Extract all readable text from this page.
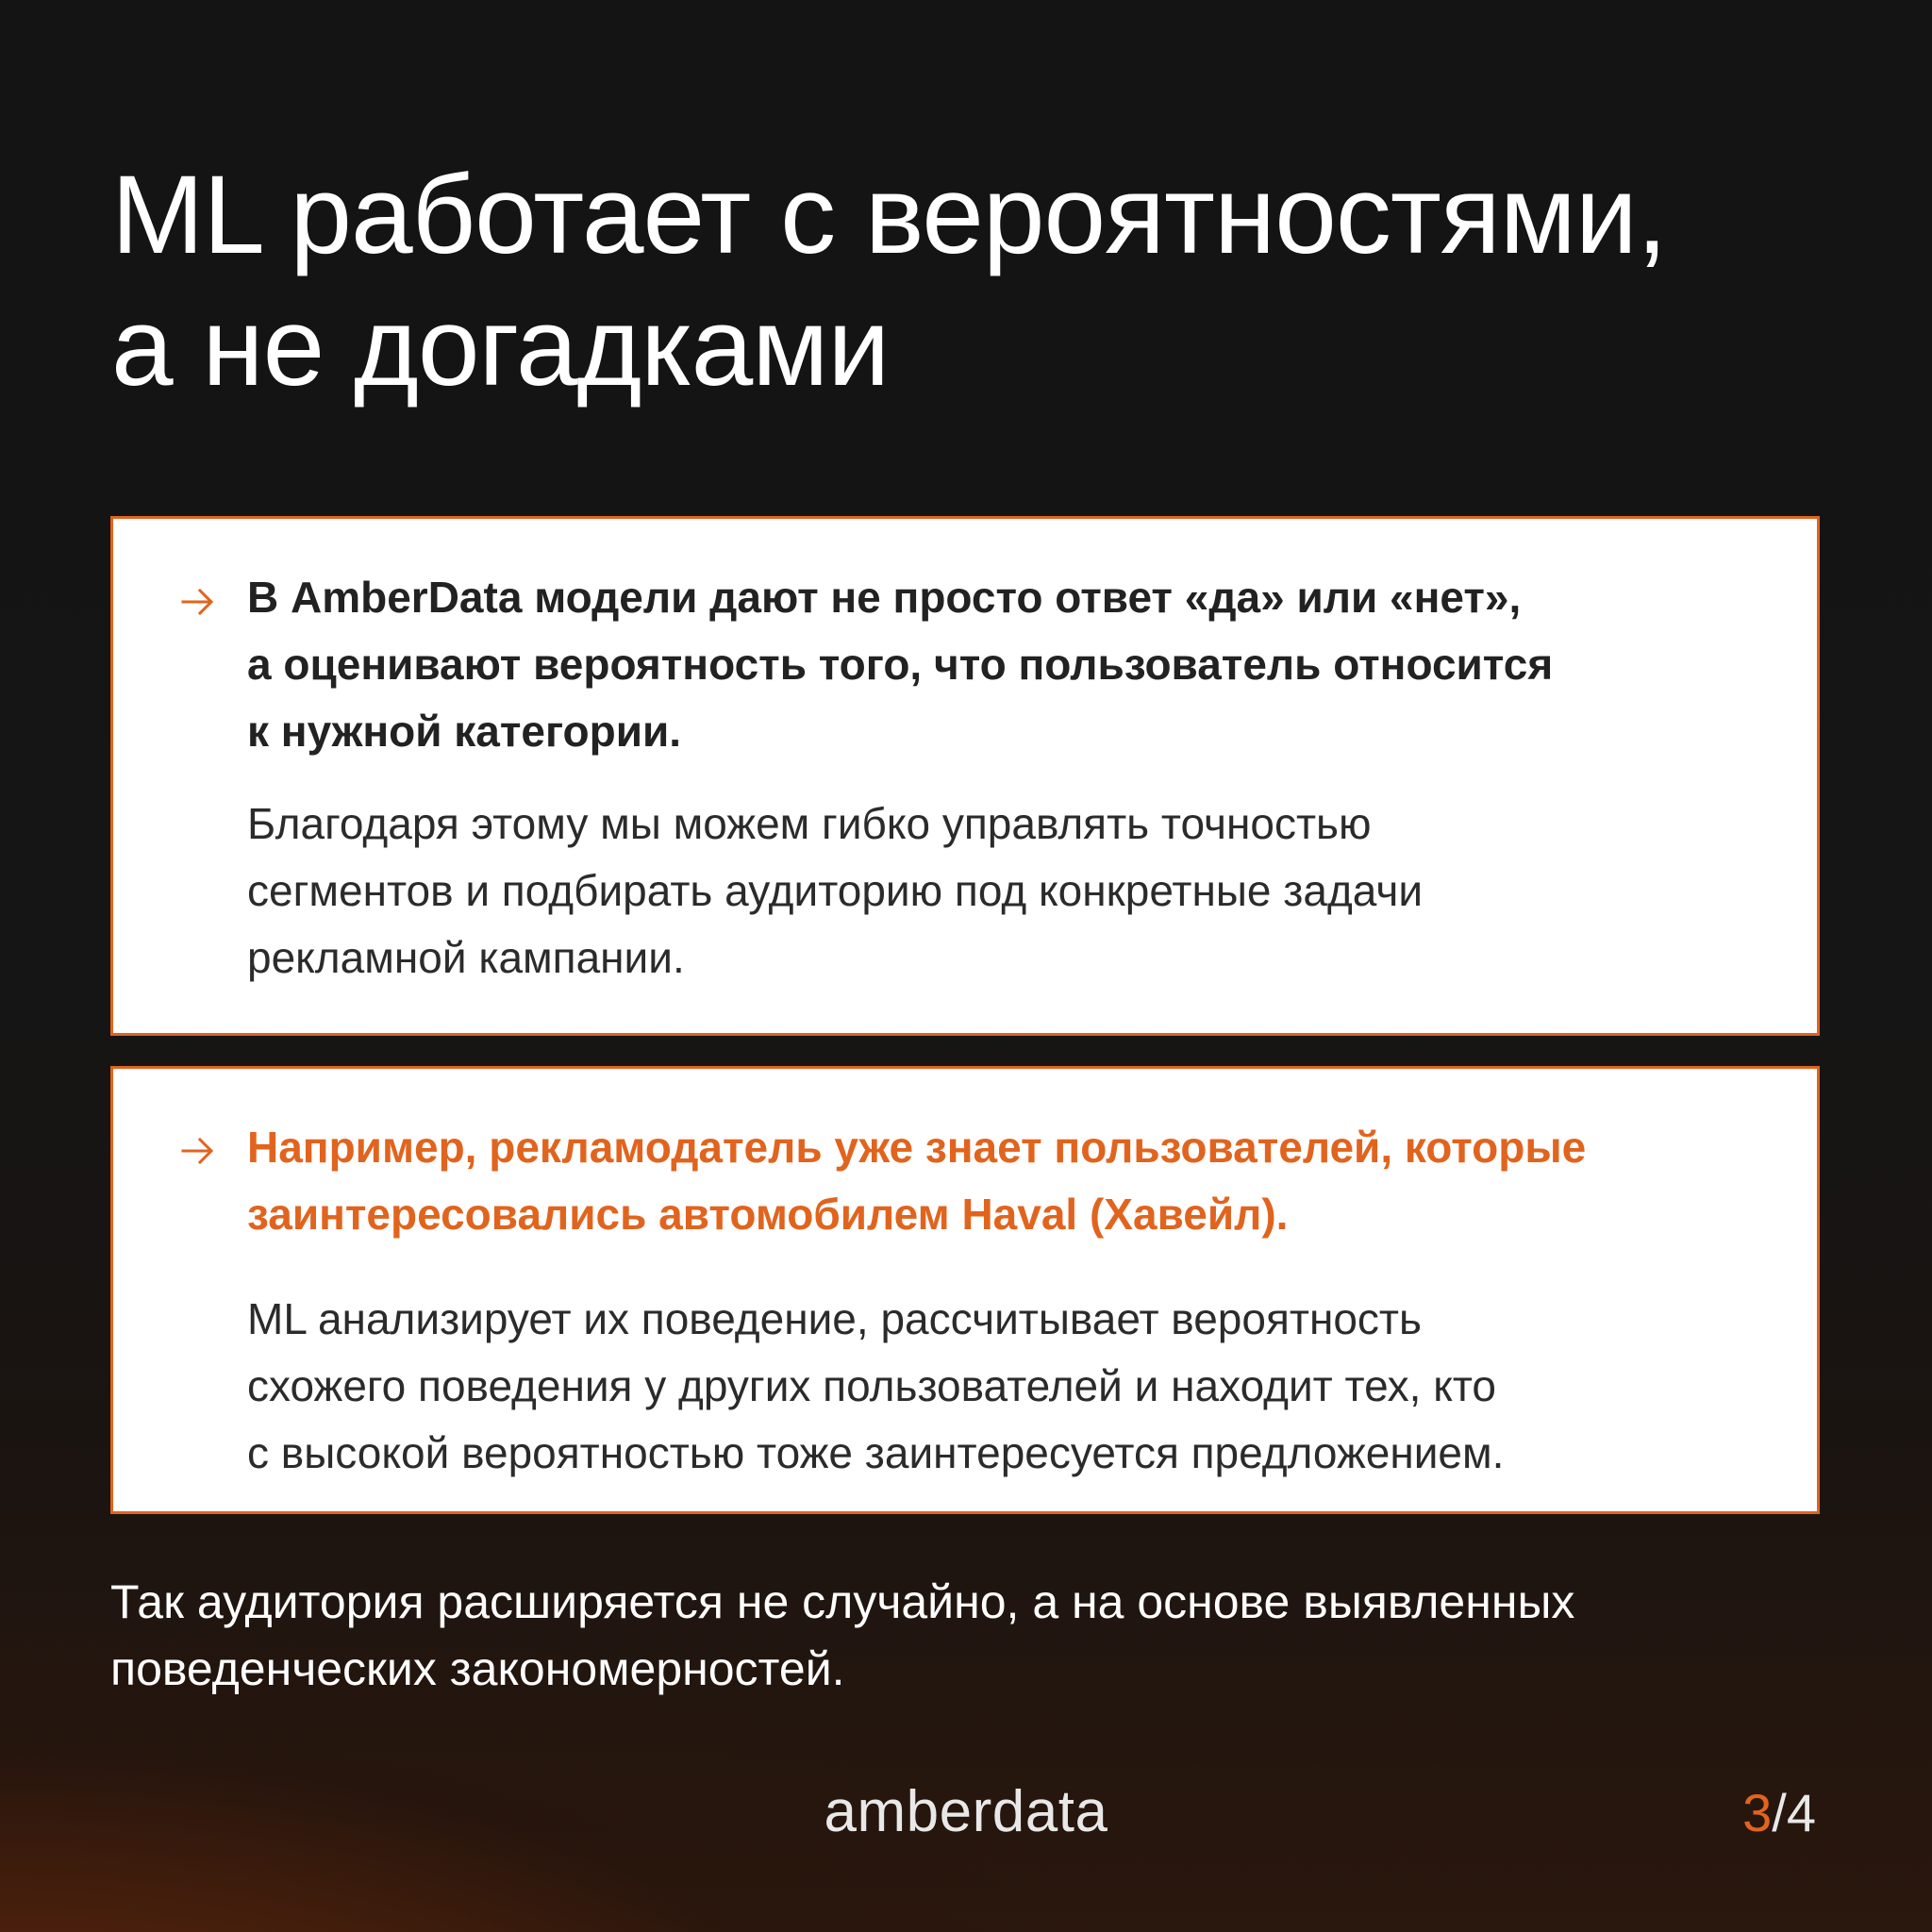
ML работает с вероятностями,
а не догадками

В AmberData модели дают не просто ответ «да» или «нет»,
а оценивают вероятность того, что пользователь относится
к нужной категории.

Благодаря этому мы можем гибко управлять точностью
сегментов и подбирать аудиторию под конкретные задачи
рекламной кампании.

Например, рекламодатель уже знает пользователей, которые
заинтересовались автомобилем Haval (Хавейл).

ML анализирует их поведение, рассчитывает вероятность
схожего поведения у других пользователей и находит тех, кто
с высокой вероятностью тоже заинтересуется предложением.

Так аудитория расширяется не случайно, а на основе выявленных
поведенческих закономерностей.

amberdata	3/4
